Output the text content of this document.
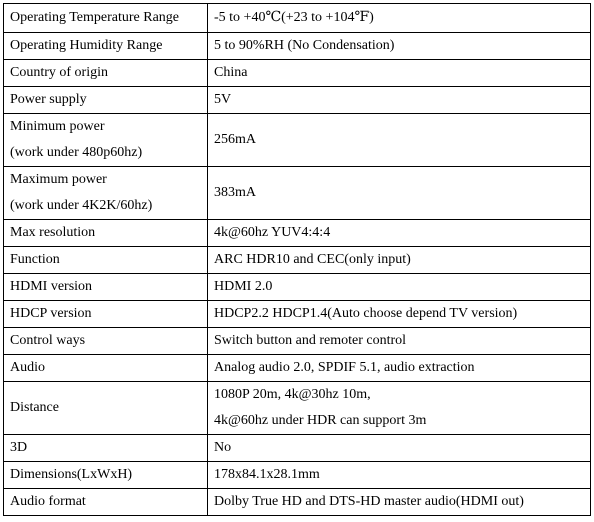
Operating Temperature Range	-5 to +40℃(+23 to +104℉)

Operating Humidity Range	5 to 90%RH (No Condensation)

Country of origin	China

Power supply	5V

Minimum power
(work under 480p60hz)	256mA

Maximum power
(work under 4K2K/60hz)	383mA

Max resolution	4k@60hz YUV4:4:4

Function	ARC HDR10 and CEC(only input)

HDMI version	HDMI 2.0

HDCP version	HDCP2.2 HDCP1.4(Auto choose depend TV version)

Control ways	Switch button and remoter control

Audio	Analog audio 2.0, SPDIF 5.1, audio extraction

Distance	1080P 20m, 4k@30hz 10m,
4k@60hz under HDR can support 3m

3D	No

Dimensions(LxWxH)	178x84.1x28.1mm

Audio format	Dolby True HD and DTS-HD master audio(HDMI out)
